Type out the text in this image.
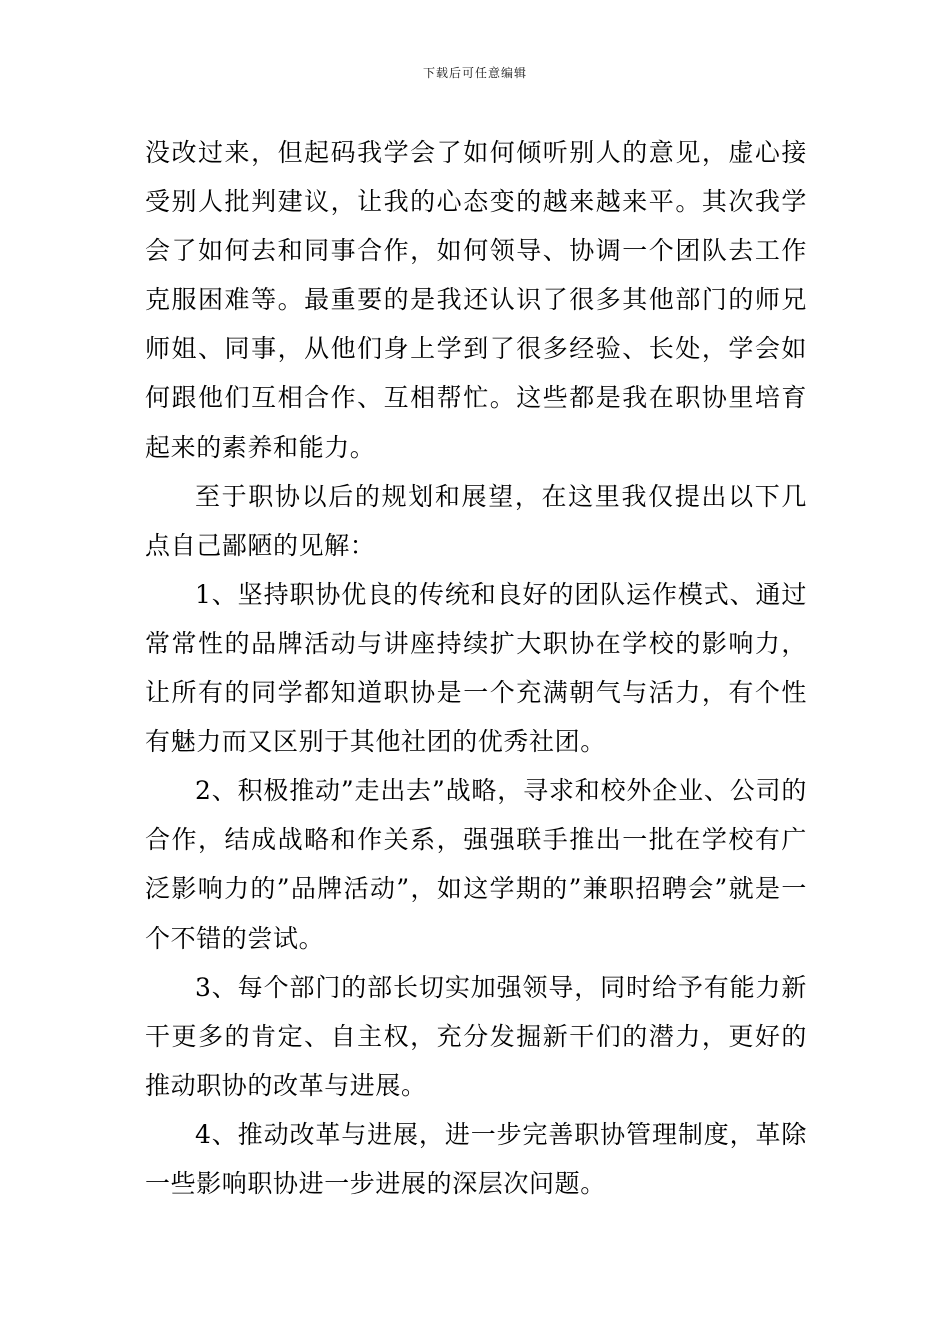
下载后可任意编辑

没改过来，但起码我学会了如何倾听别人的意见，虚心接受别人批判建议，让我的心态变的越来越来平。其次我学会了如何去和同事合作，如何领导、协调一个团队去工作克服困难等。最重要的是我还认识了很多其他部门的师兄师姐、同事，从他们身上学到了很多经验、长处，学会如何跟他们互相合作、互相帮忙。这些都是我在职协里培育起来的素养和能力。

至于职协以后的规划和展望，在这里我仅提出以下几点自己鄙陋的见解：

1、坚持职协优良的传统和良好的团队运作模式、通过常常性的品牌活动与讲座持续扩大职协在学校的影响力，让所有的同学都知道职协是一个充满朝气与活力，有个性有魅力而又区别于其他社团的优秀社团。

2、积极推动”走出去”战略，寻求和校外企业、公司的合作，结成战略和作关系，强强联手推出一批在学校有广泛影响力的”品牌活动”，如这学期的”兼职招聘会”就是一个不错的尝试。

3、每个部门的部长切实加强领导，同时给予有能力新干更多的肯定、自主权，充分发掘新干们的潜力，更好的推动职协的改革与进展。

4、推动改革与进展，进一步完善职协管理制度，革除一些影响职协进一步进展的深层次问题。
